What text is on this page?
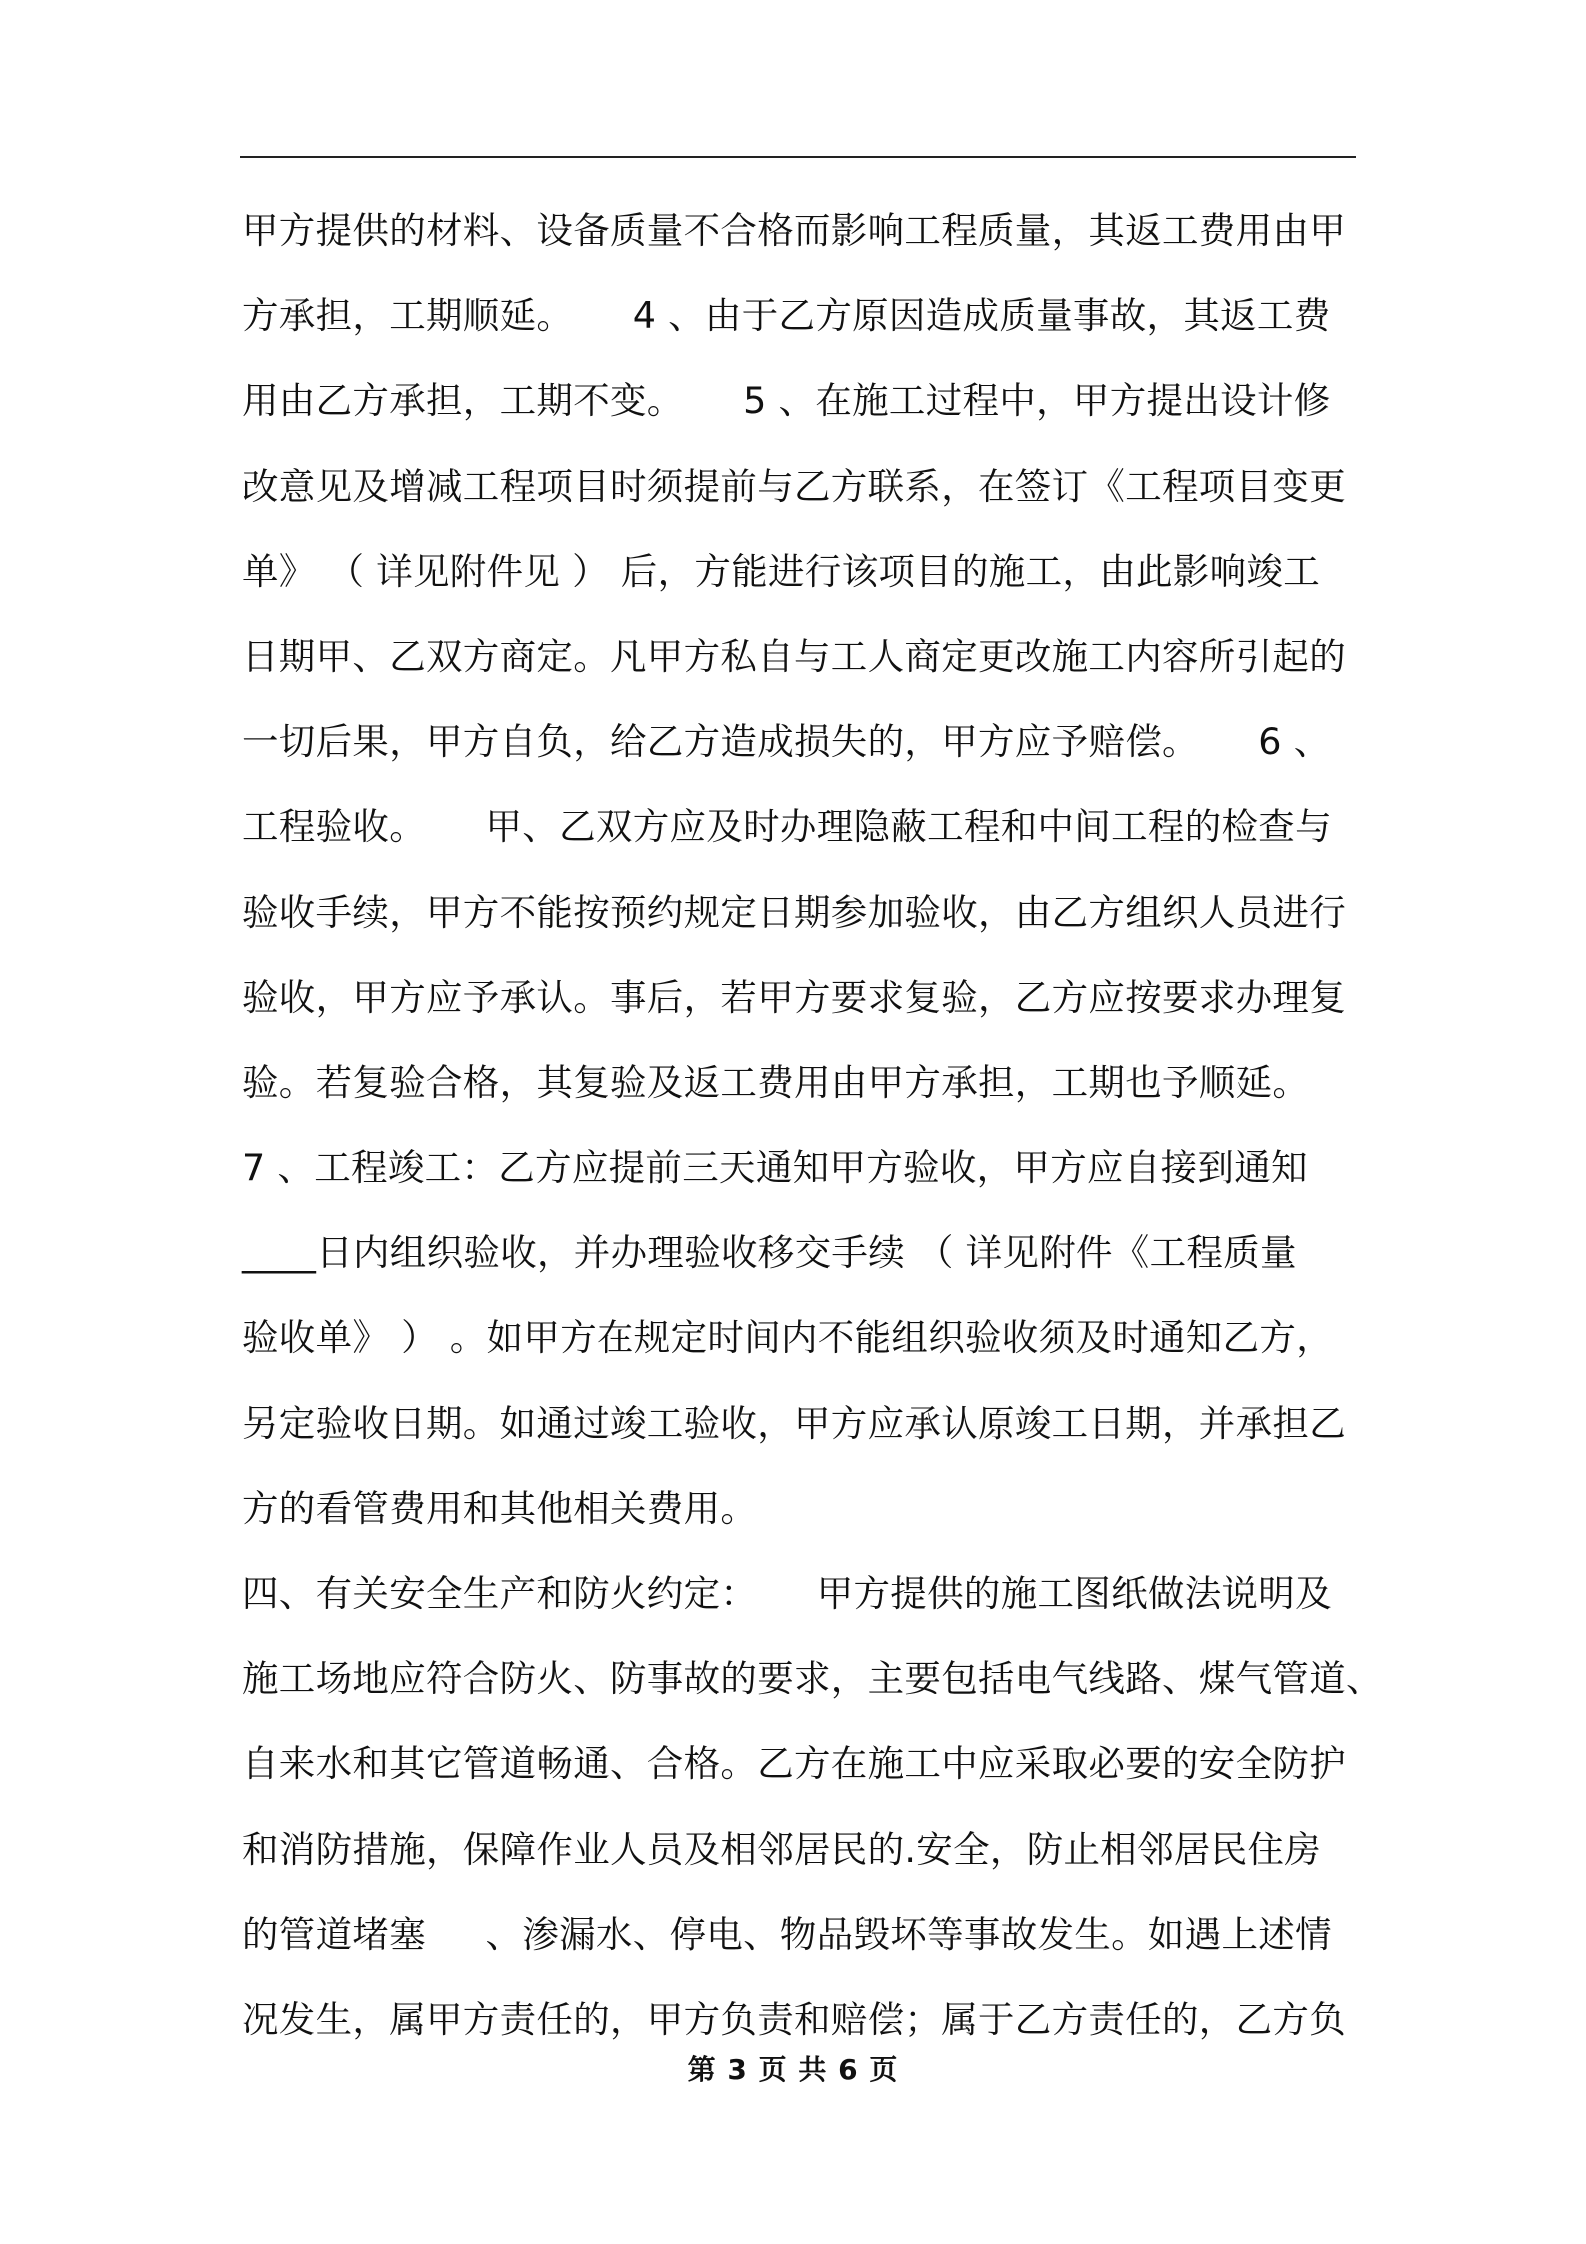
甲方提供的材料、设备质量不合格而影响工程质量，其返工费用由甲
方承担，工期顺延。     4 、由于乙方原因造成质量事故，其返工费
用由乙方承担，工期不变。     5 、在施工过程中，甲方提出设计修
改意见及增减工程项目时须提前与乙方联系，在签订《工程项目变更
单》 （ 详见附件见 ） 后，方能进行该项目的施工，由此影响竣工
日期甲、乙双方商定。凡甲方私自与工人商定更改施工内容所引起的
一切后果，甲方自负，给乙方造成损失的，甲方应予赔偿。     6 、
工程验收。     甲、乙双方应及时办理隐蔽工程和中间工程的检查与
验收手续，甲方不能按预约规定日期参加验收，由乙方组织人员进行
验收，甲方应予承认。事后，若甲方要求复验，乙方应按要求办理复
验。若复验合格，其复验及返工费用由甲方承担，工期也予顺延。
7 、工程竣工：乙方应提前三天通知甲方验收，甲方应自接到通知
____日内组织验收，并办理验收移交手续 （ 详见附件《工程质量
验收单》 ） 。如甲方在规定时间内不能组织验收须及时通知乙方，
另定验收日期。如通过竣工验收，甲方应承认原竣工日期，并承担乙
方的看管费用和其他相关费用。
四、有关安全生产和防火约定：     甲方提供的施工图纸做法说明及
施工场地应符合防火、防事故的要求，主要包括电气线路、煤气管道、
自来水和其它管道畅通、合格。乙方在施工中应采取必要的安全防护
和消防措施，保障作业人员及相邻居民的.安全，防止相邻居民住房
的管道堵塞     、渗漏水、停电、物品毁坏等事故发生。如遇上述情
况发生，属甲方责任的，甲方负责和赔偿；属于乙方责任的，乙方负
第 3 页 共 6 页
